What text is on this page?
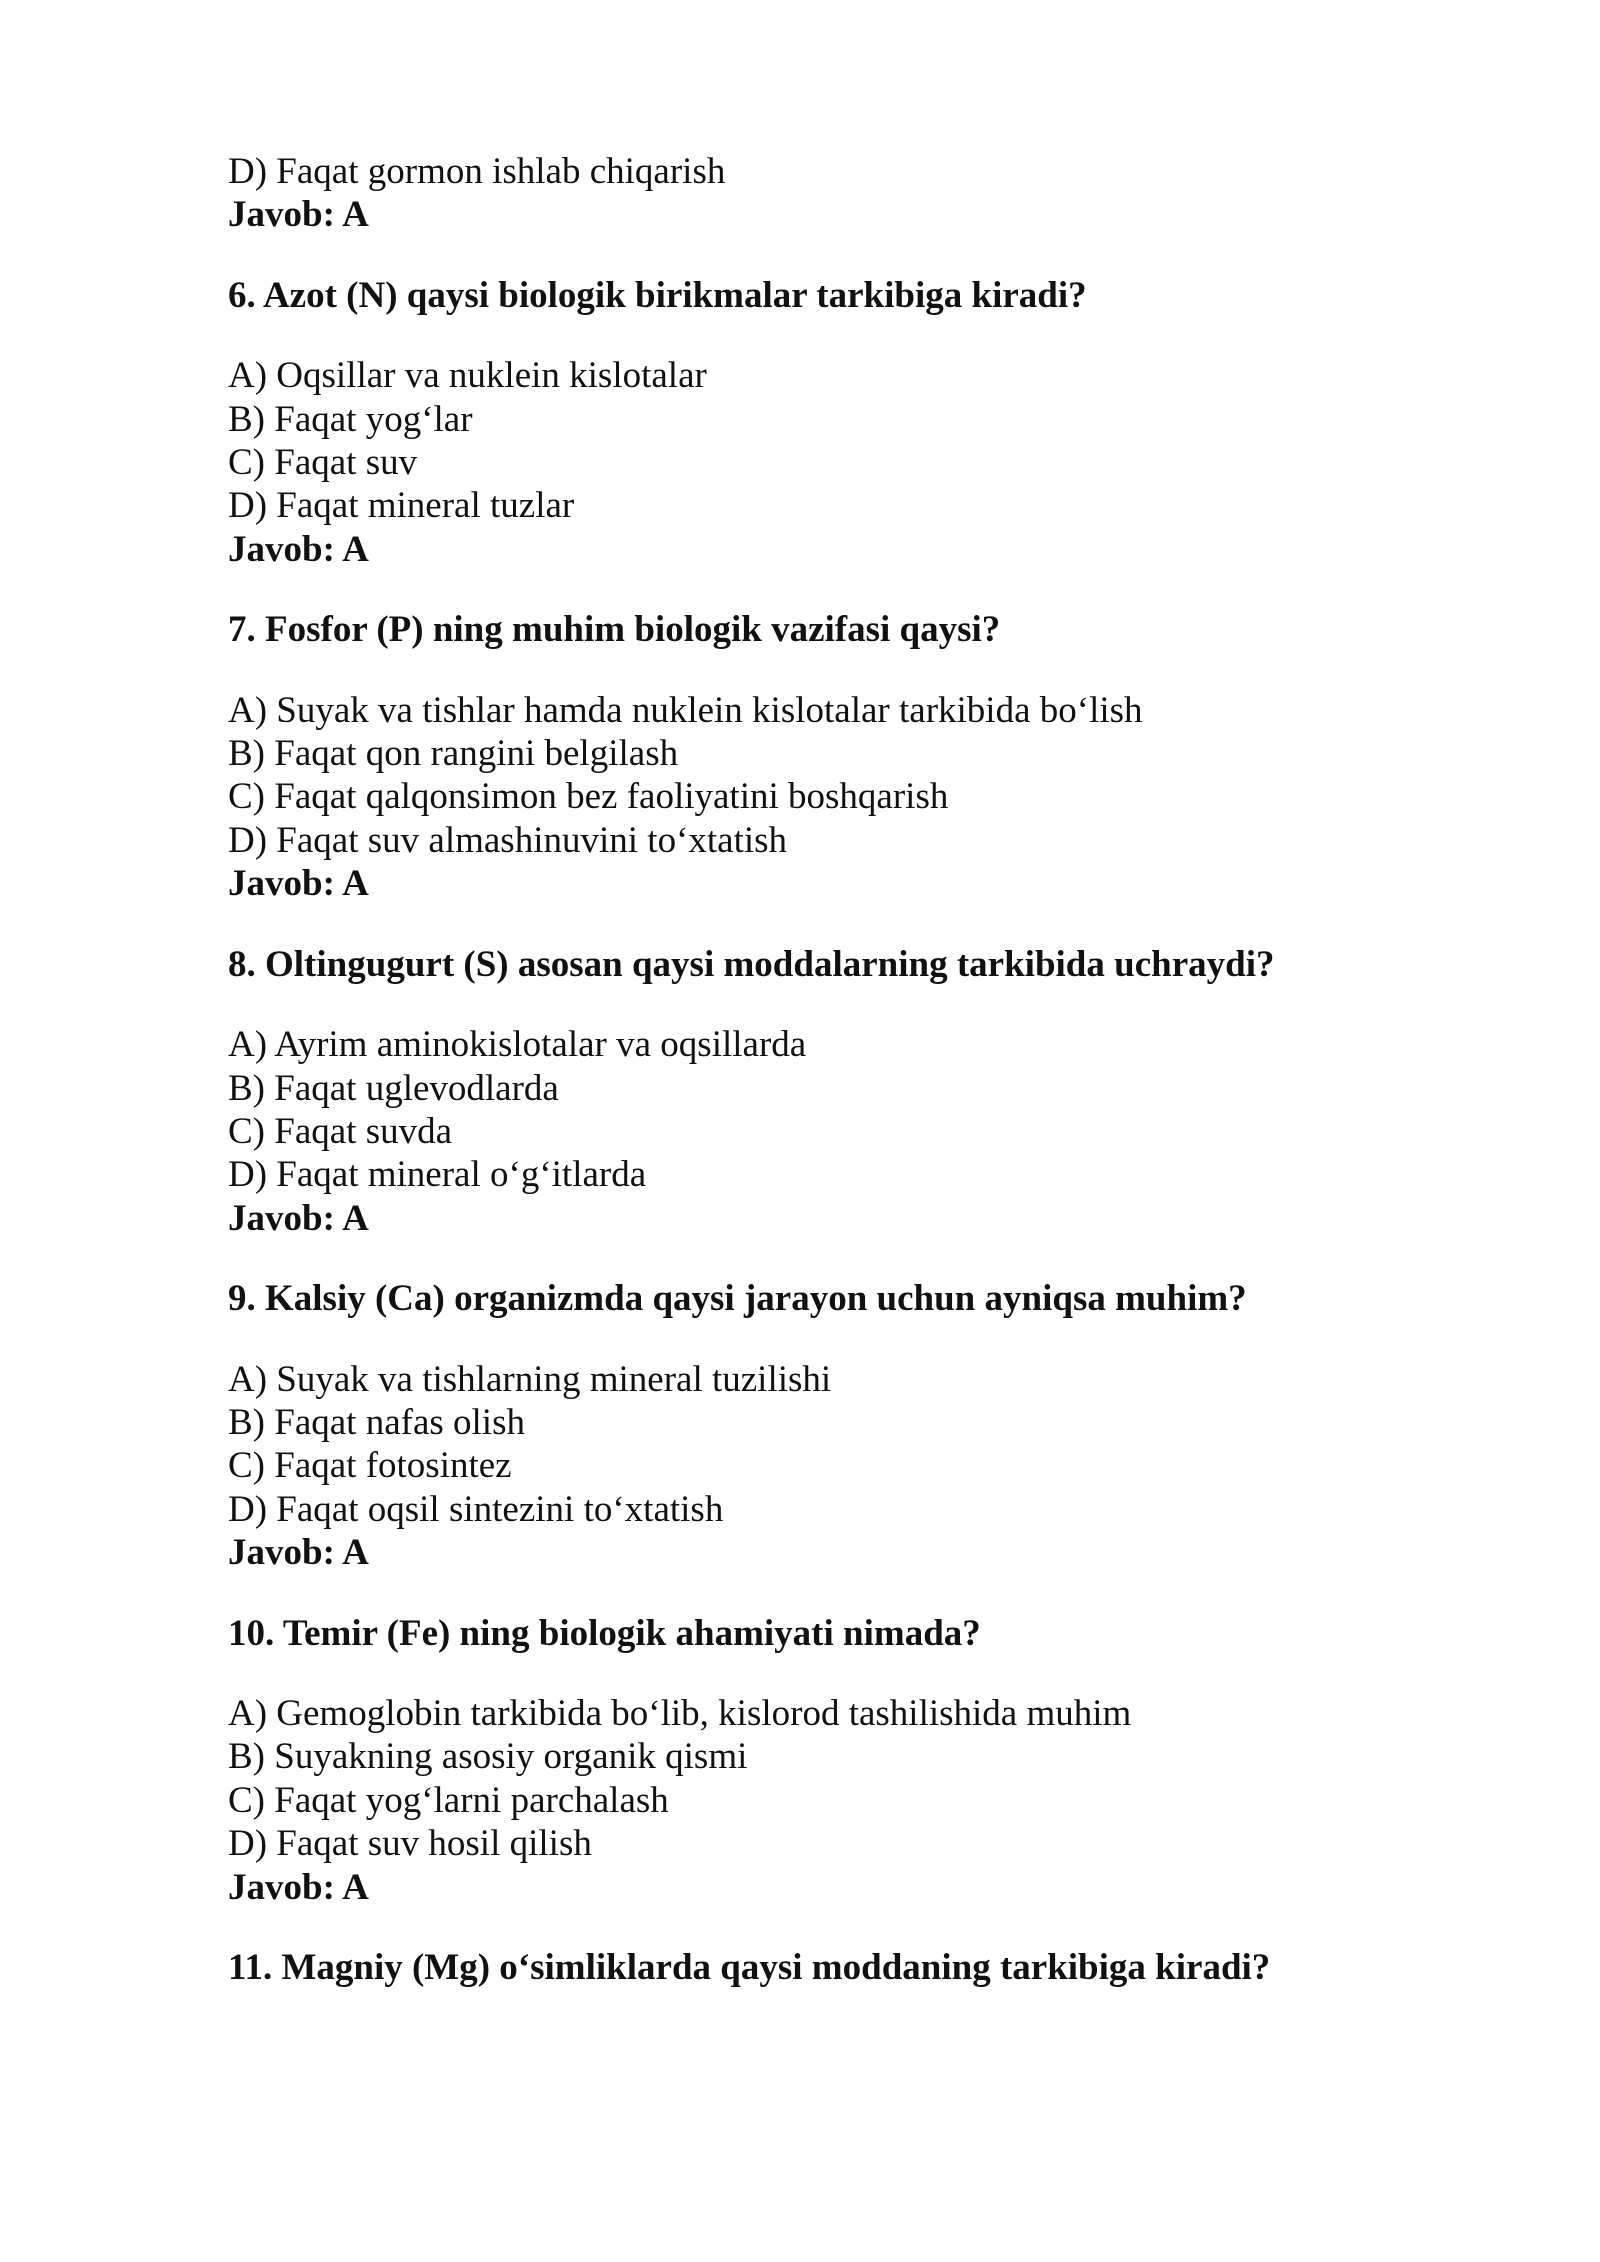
D) Faqat gormon ishlab chiqarish

Javob: A

6. Azot (N) qaysi biologik birikmalar tarkibiga kiradi?

A) Oqsillar va nuklein kislotalar

B) Faqat yog‘lar

C) Faqat suv

D) Faqat mineral tuzlar

Javob: A

7. Fosfor (P) ning muhim biologik vazifasi qaysi?

A) Suyak va tishlar hamda nuklein kislotalar tarkibida bo‘lish

B) Faqat qon rangini belgilash

C) Faqat qalqonsimon bez faoliyatini boshqarish

D) Faqat suv almashinuvini to‘xtatish

Javob: A

8. Oltingugurt (S) asosan qaysi moddalarning tarkibida uchraydi?

A) Ayrim aminokislotalar va oqsillarda

B) Faqat uglevodlarda

C) Faqat suvda

D) Faqat mineral o‘g‘itlarda

Javob: A

9. Kalsiy (Ca) organizmda qaysi jarayon uchun ayniqsa muhim?

A) Suyak va tishlarning mineral tuzilishi

B) Faqat nafas olish

C) Faqat fotosintez

D) Faqat oqsil sintezini to‘xtatish

Javob: A

10. Temir (Fe) ning biologik ahamiyati nimada?

A) Gemoglobin tarkibida bo‘lib, kislorod tashilishida muhim

B) Suyakning asosiy organik qismi

C) Faqat yog‘larni parchalash

D) Faqat suv hosil qilish

Javob: A

11. Magniy (Mg) o‘simliklarda qaysi moddaning tarkibiga kiradi?
